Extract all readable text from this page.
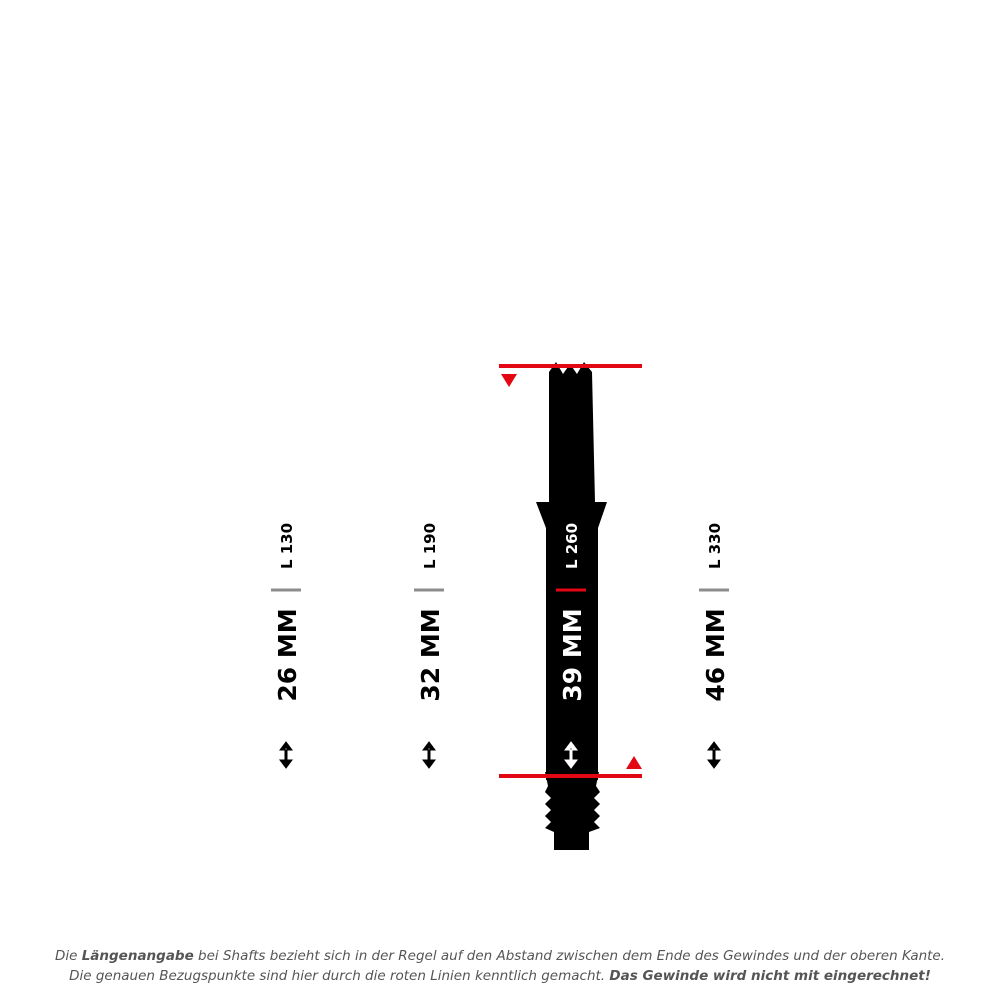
L 130
26 MM
L 190
32 MM
L 260
39 MM
L 330
46 MM
Die Längenangabe bei Shafts bezieht sich in der Regel auf den Abstand zwischen dem Ende des Gewindes und der oberen Kante.
Die genauen Bezugspunkte sind hier durch die roten Linien kenntlich gemacht. Das Gewinde wird nicht mit eingerechnet!
